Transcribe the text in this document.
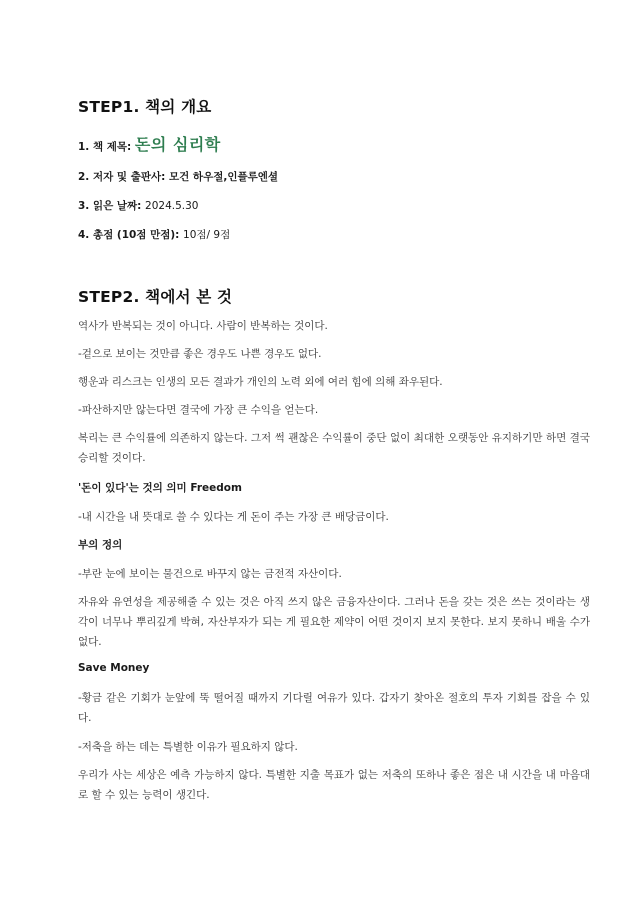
STEP1. 책의 개요
1. 책 제목: 돈의 심리학
2. 저자 및 출판사: 모건 하우절,인플루엔셜
3. 읽은 날짜: 2024.5.30
4. 총점 (10점 만점): 10점/ 9점
STEP2. 책에서 본 것
역사가 반복되는 것이 아니다. 사람이 반복하는 것이다.
-겉으로 보이는 것만큼 좋은 경우도 나쁜 경우도 없다.
행운과 리스크는 인생의 모든 결과가 개인의 노력 외에 여러 힘에 의해 좌우된다.
-파산하지만 않는다면 결국에 가장 큰 수익을 얻는다.
복리는 큰 수익률에 의존하지 않는다. 그저 썩 괜찮은 수익률이 중단 없이 최대한 오랫동안 유지하기만 하면 결국 승리할 것이다.
'돈이 있다'는 것의 의미 Freedom
-내 시간을 내 뜻대로 쓸 수 있다는 게 돈이 주는 가장 큰 배당금이다.
부의 정의
-부란 눈에 보이는 물건으로 바꾸지 않는 금전적 자산이다.
자유와 유연성을 제공해줄 수 있는 것은 아직 쓰지 않은 금융자산이다. 그러나 돈을 갖는 것은 쓰는 것이라는 생각이 너무나 뿌리깊게 박혀, 자산부자가 되는 게 필요한 제약이 어떤 것이지 보지 못한다. 보지 못하니 배울 수가 없다.
Save Money
-황금 같은 기회가 눈앞에 뚝 떨어질 때까지 기다릴 여유가 있다. 갑자기 찾아온 절호의 투자 기회를 잡을 수 있다.
-저축을 하는 데는 특별한 이유가 필요하지 않다.
우리가 사는 세상은 예측 가능하지 않다. 특별한 지출 목표가 없는 저축의 또하나 좋은 점은 내 시간을 내 마음대로 할 수 있는 능력이 생긴다.
